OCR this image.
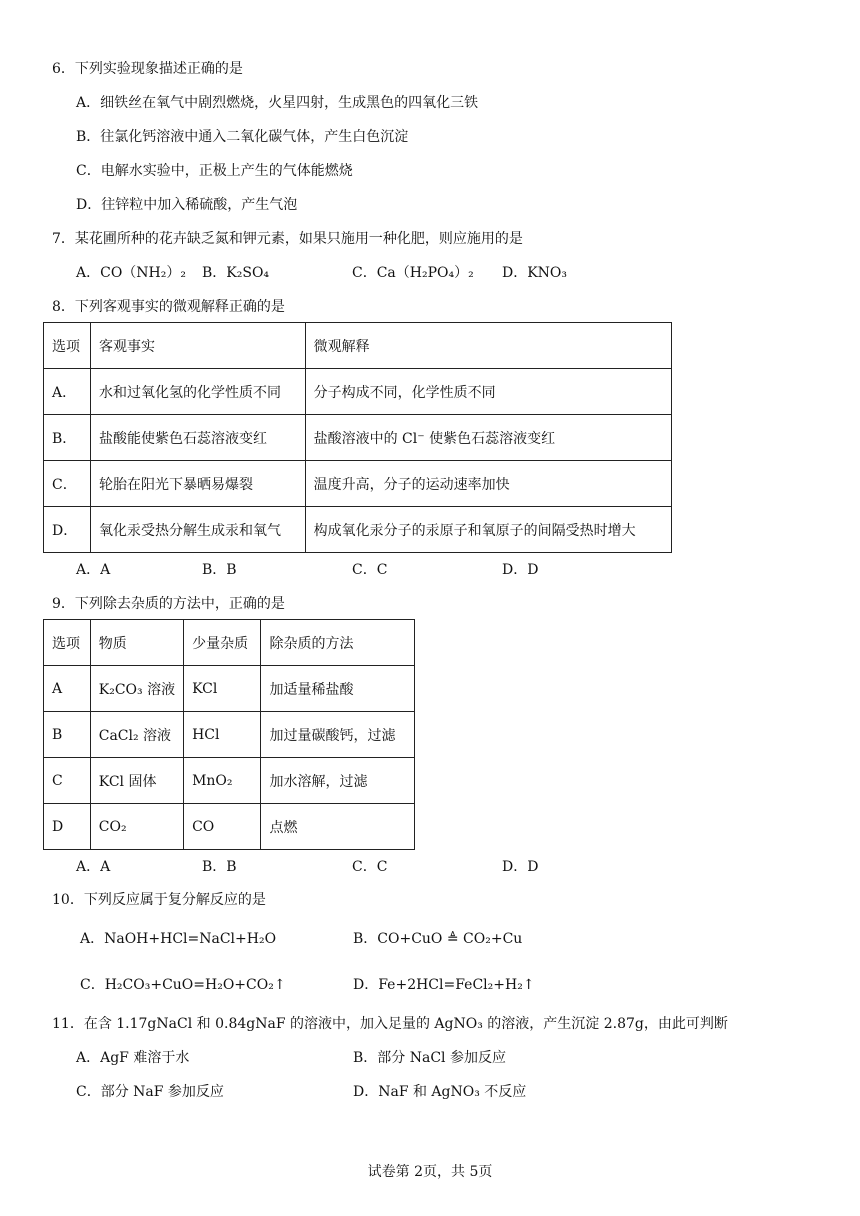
6．下列实验现象描述正确的是
A．细铁丝在氧气中剧烈燃烧，火星四射，生成黑色的四氧化三铁
B．往氯化钙溶液中通入二氧化碳气体，产生白色沉淀
C．电解水实验中，正极上产生的气体能燃烧
D．往锌粒中加入稀硫酸，产生气泡
7．某花圃所种的花卉缺乏氮和钾元素，如果只施用一种化肥，则应施用的是
A．CO（NH₂）₂ B．K₂SO₄	C．Ca（H₂PO₄）₂ D．KNO₃
8．下列客观事实的微观解释正确的是
选项	客观事实	微观解释
A．	水和过氧化氢的化学性质不同	分子构成不同，化学性质不同
B．	盐酸能使紫色石蕊溶液变红	盐酸溶液中的 Cl⁻ 使紫色石蕊溶液变红
C．	轮胎在阳光下暴晒易爆裂	温度升高，分子的运动速率加快
D．	氧化汞受热分解生成汞和氧气	构成氧化汞分子的汞原子和氧原子的间隔受热时增大
A．A	B．B	C．C	D．D
9．下列除去杂质的方法中，正确的是
选项	物质	少量杂质	除杂质的方法
A	K₂CO₃ 溶液	KCl	加适量稀盐酸
B	CaCl₂ 溶液	HCl	加过量碳酸钙，过滤
C	KCl 固体	MnO₂	加水溶解，过滤
D	CO₂	CO	点燃
A．A	B．B	C．C	D．D
10．下列反应属于复分解反应的是
A．NaOH+HCl=NaCl+H₂O	B．CO+CuO ≜ CO₂+Cu
C．H₂CO₃+CuO=H₂O+CO₂↑	D．Fe+2HCl=FeCl₂+H₂↑
11．在含 1.17gNaCl 和 0.84gNaF 的溶液中，加入足量的 AgNO₃ 的溶液，产生沉淀 2.87g，由此可判断
A．AgF 难溶于水	B．部分 NaCl 参加反应
C．部分 NaF 参加反应	D．NaF 和 AgNO₃ 不反应
试卷第 2页，共 5页
